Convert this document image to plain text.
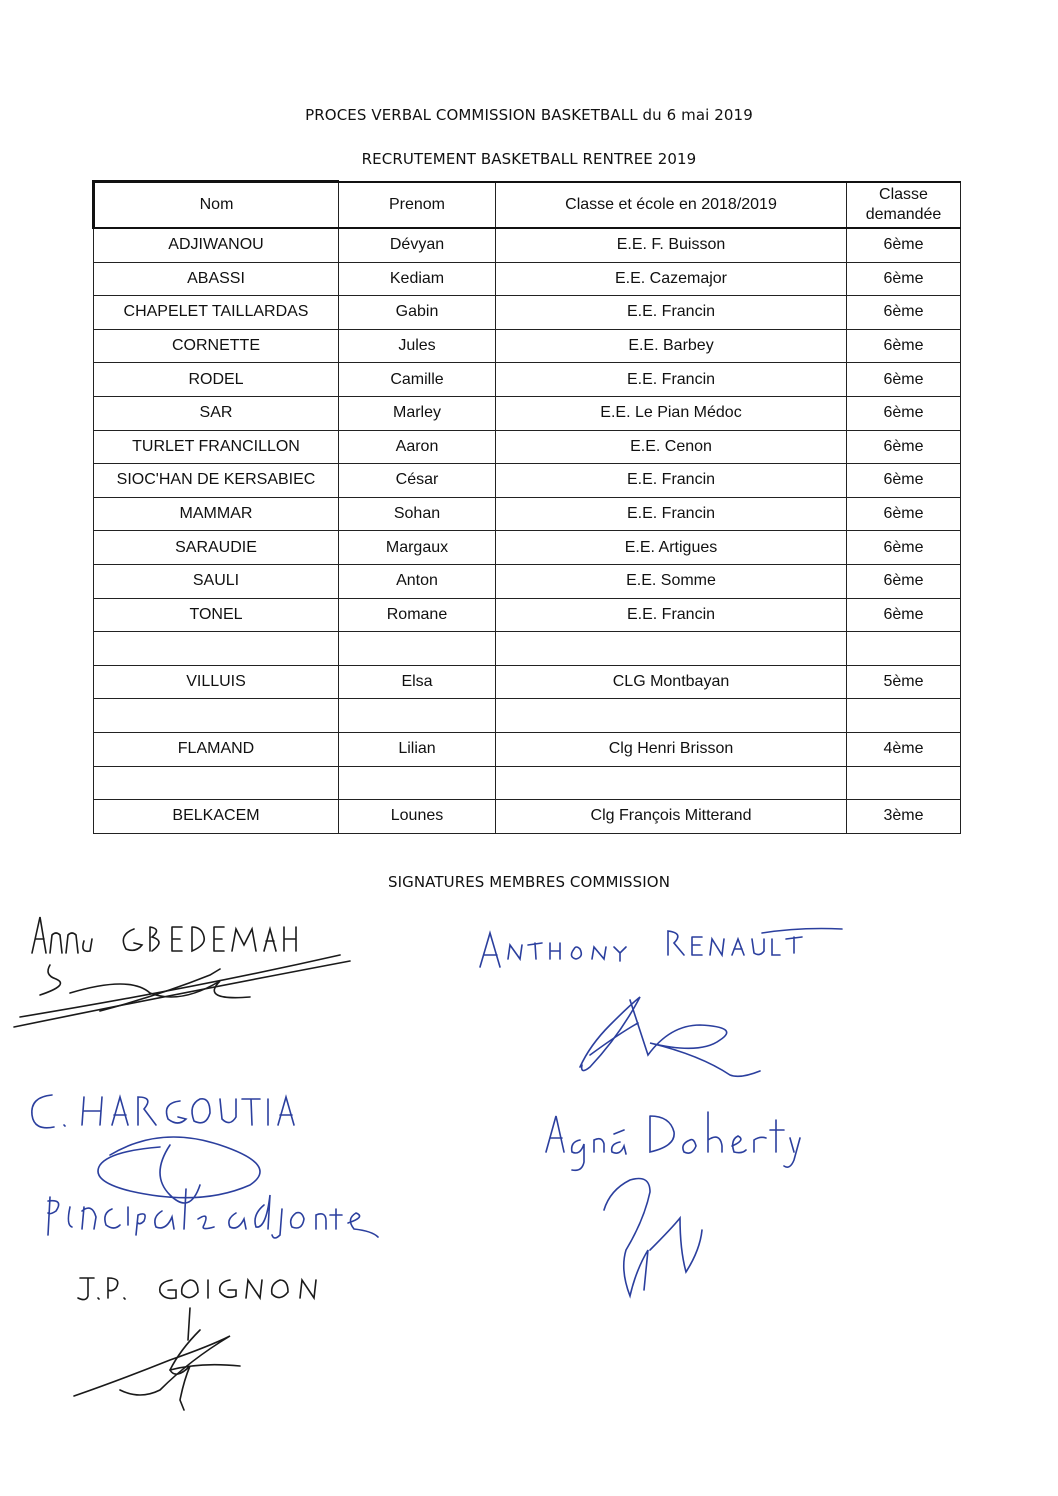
PROCES VERBAL COMMISSION BASKETBALL du 6 mai 2019
RECRUTEMENT BASKETBALL RENTREE 2019
Nom	Prenom	Classe et école en 2018/2019	Classe demandée

ADJIWANOU	Dévyan	E.E. F. Buisson	6ème
ABASSI	Kediam	E.E. Cazemajor	6ème
CHAPELET TAILLARDAS	Gabin	E.E. Francin	6ème
CORNETTE	Jules	E.E. Barbey	6ème
RODEL	Camille	E.E. Francin	6ème
SAR	Marley	E.E. Le Pian Médoc	6ème
TURLET FRANCILLON	Aaron	E.E. Cenon	6ème
SIOC'HAN DE KERSABIEC	César	E.E. Francin	6ème
MAMMAR	Sohan	E.E. Francin	6ème
SARAUDIE	Margaux	E.E. Artigues	6ème
SAULI	Anton	E.E. Somme	6ème
TONEL	Romane	E.E. Francin	6ème

VILLUIS	Elsa	CLG Montbayan	5ème

FLAMAND	Lilian	Clg Henri Brisson	4ème

BELKACEM	Lounes	Clg François Mitterand	3ème
SIGNATURES MEMBRES COMMISSION
